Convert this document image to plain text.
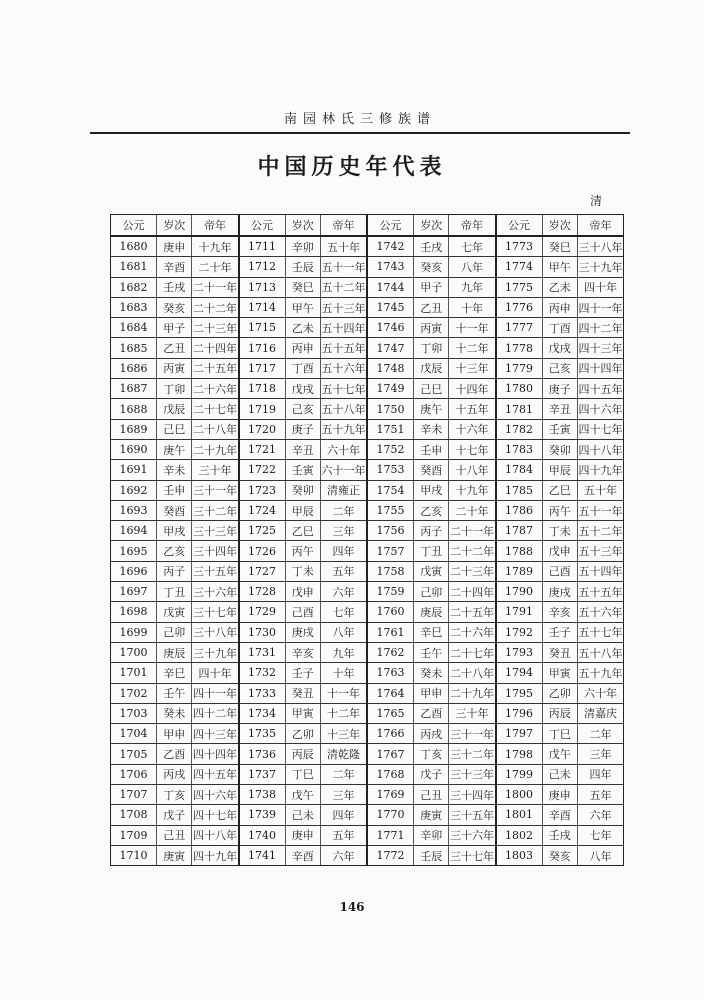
南园林氏三修族谱
中国历史年代表
清
公元	岁次	帝年
1680	庚申	十九年
1681	辛酉	二十年
1682	壬戌	二十一年
1683	癸亥	二十二年
1684	甲子	二十三年
1685	乙丑	二十四年
1686	丙寅	二十五年
1687	丁卯	二十六年
1688	戊辰	二十七年
1689	己巳	二十八年
1690	庚午	二十九年
1691	辛未	三十年
1692	壬申	三十一年
1693	癸酉	三十二年
1694	甲戌	三十三年
1695	乙亥	三十四年
1696	丙子	三十五年
1697	丁丑	三十六年
1698	戊寅	三十七年
1699	己卯	三十八年
1700	庚辰	三十九年
1701	辛巳	四十年
1702	壬午	四十一年
1703	癸未	四十二年
1704	甲申	四十三年
1705	乙酉	四十四年
1706	丙戌	四十五年
1707	丁亥	四十六年
1708	戊子	四十七年
1709	己丑	四十八年
1710	庚寅	四十九年
公元	岁次	帝年
1711	辛卯	五十年
1712	壬辰	五十一年
1713	癸巳	五十二年
1714	甲午	五十三年
1715	乙未	五十四年
1716	丙申	五十五年
1717	丁酉	五十六年
1718	戊戌	五十七年
1719	己亥	五十八年
1720	庚子	五十九年
1721	辛丑	六十年
1722	壬寅	六十一年
1723	癸卯	清雍正
1724	甲辰	二年
1725	乙巳	三年
1726	丙午	四年
1727	丁未	五年
1728	戊申	六年
1729	己酉	七年
1730	庚戌	八年
1731	辛亥	九年
1732	壬子	十年
1733	癸丑	十一年
1734	甲寅	十二年
1735	乙卯	十三年
1736	丙辰	清乾隆
1737	丁巳	二年
1738	戊午	三年
1739	己未	四年
1740	庚申	五年
1741	辛酉	六年
公元	岁次	帝年
1742	壬戌	七年
1743	癸亥	八年
1744	甲子	九年
1745	乙丑	十年
1746	丙寅	十一年
1747	丁卯	十二年
1748	戊辰	十三年
1749	己巳	十四年
1750	庚午	十五年
1751	辛未	十六年
1752	壬申	十七年
1753	癸酉	十八年
1754	甲戌	十九年
1755	乙亥	二十年
1756	丙子	二十一年
1757	丁丑	二十二年
1758	戊寅	二十三年
1759	己卯	二十四年
1760	庚辰	二十五年
1761	辛巳	二十六年
1762	壬午	二十七年
1763	癸未	二十八年
1764	甲申	二十九年
1765	乙酉	三十年
1766	丙戌	三十一年
1767	丁亥	三十二年
1768	戊子	三十三年
1769	己丑	三十四年
1770	庚寅	三十五年
1771	辛卯	三十六年
1772	壬辰	三十七年
公元	岁次	帝年
1773	癸巳	三十八年
1774	甲午	三十九年
1775	乙未	四十年
1776	丙申	四十一年
1777	丁酉	四十二年
1778	戊戌	四十三年
1779	己亥	四十四年
1780	庚子	四十五年
1781	辛丑	四十六年
1782	壬寅	四十七年
1783	癸卯	四十八年
1784	甲辰	四十九年
1785	乙巳	五十年
1786	丙午	五十一年
1787	丁未	五十二年
1788	戊申	五十三年
1789	己酉	五十四年
1790	庚戌	五十五年
1791	辛亥	五十六年
1792	壬子	五十七年
1793	癸丑	五十八年
1794	甲寅	五十九年
1795	乙卯	六十年
1796	丙辰	清嘉庆
1797	丁巳	二年
1798	戊午	三年
1799	己未	四年
1800	庚申	五年
1801	辛酉	六年
1802	壬戌	七年
1803	癸亥	八年
146
